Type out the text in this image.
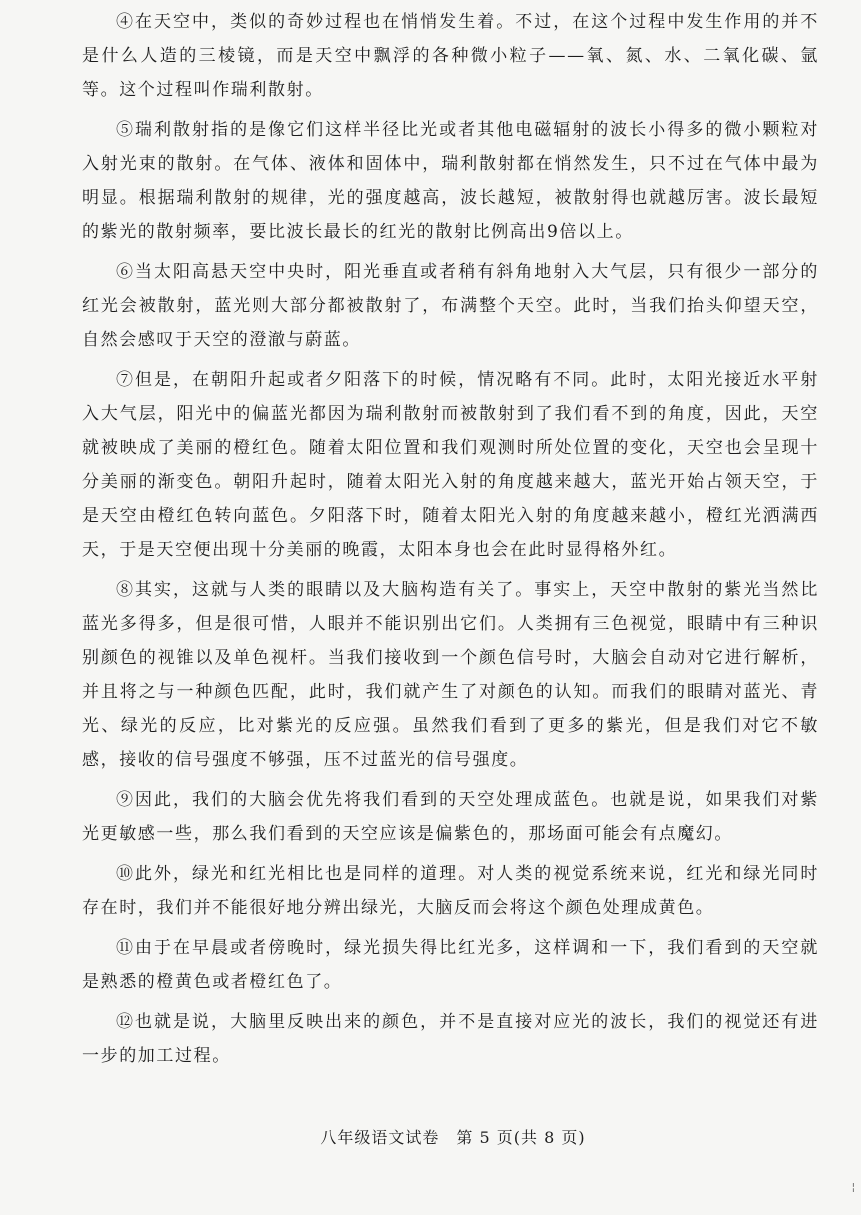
④在天空中，类似的奇妙过程也在悄悄发生着。不过，在这个过程中发生作用的并不是什么人造的三棱镜，而是天空中飘浮的各种微小粒子——氧、氮、水、二氧化碳、氩等。这个过程叫作瑞利散射。

⑤瑞利散射指的是像它们这样半径比光或者其他电磁辐射的波长小得多的微小颗粒对入射光束的散射。在气体、液体和固体中，瑞利散射都在悄然发生，只不过在气体中最为明显。根据瑞利散射的规律，光的强度越高，波长越短，被散射得也就越厉害。波长最短的紫光的散射频率，要比波长最长的红光的散射比例高出9倍以上。

⑥当太阳高悬天空中央时，阳光垂直或者稍有斜角地射入大气层，只有很少一部分的红光会被散射，蓝光则大部分都被散射了，布满整个天空。此时，当我们抬头仰望天空，自然会感叹于天空的澄澈与蔚蓝。

⑦但是，在朝阳升起或者夕阳落下的时候，情况略有不同。此时，太阳光接近水平射入大气层，阳光中的偏蓝光都因为瑞利散射而被散射到了我们看不到的角度，因此，天空就被映成了美丽的橙红色。随着太阳位置和我们观测时所处位置的变化，天空也会呈现十分美丽的渐变色。朝阳升起时，随着太阳光入射的角度越来越大，蓝光开始占领天空，于是天空由橙红色转向蓝色。夕阳落下时，随着太阳光入射的角度越来越小，橙红光洒满西天，于是天空便出现十分美丽的晚霞，太阳本身也会在此时显得格外红。

⑧其实，这就与人类的眼睛以及大脑构造有关了。事实上，天空中散射的紫光当然比蓝光多得多，但是很可惜，人眼并不能识别出它们。人类拥有三色视觉，眼睛中有三种识别颜色的视锥以及单色视杆。当我们接收到一个颜色信号时，大脑会自动对它进行解析，并且将之与一种颜色匹配，此时，我们就产生了对颜色的认知。而我们的眼睛对蓝光、青光、绿光的反应，比对紫光的反应强。虽然我们看到了更多的紫光，但是我们对它不敏感，接收的信号强度不够强，压不过蓝光的信号强度。

⑨因此，我们的大脑会优先将我们看到的天空处理成蓝色。也就是说，如果我们对紫光更敏感一些，那么我们看到的天空应该是偏紫色的，那场面可能会有点魔幻。

⑩此外，绿光和红光相比也是同样的道理。对人类的视觉系统来说，红光和绿光同时存在时，我们并不能很好地分辨出绿光，大脑反而会将这个颜色处理成黄色。

⑪由于在早晨或者傍晚时，绿光损失得比红光多，这样调和一下，我们看到的天空就是熟悉的橙黄色或者橙红色了。

⑫也就是说，大脑里反映出来的颜色，并不是直接对应光的波长，我们的视觉还有进一步的加工过程。

八年级语文试卷　第 5 页(共 8 页)
¦
